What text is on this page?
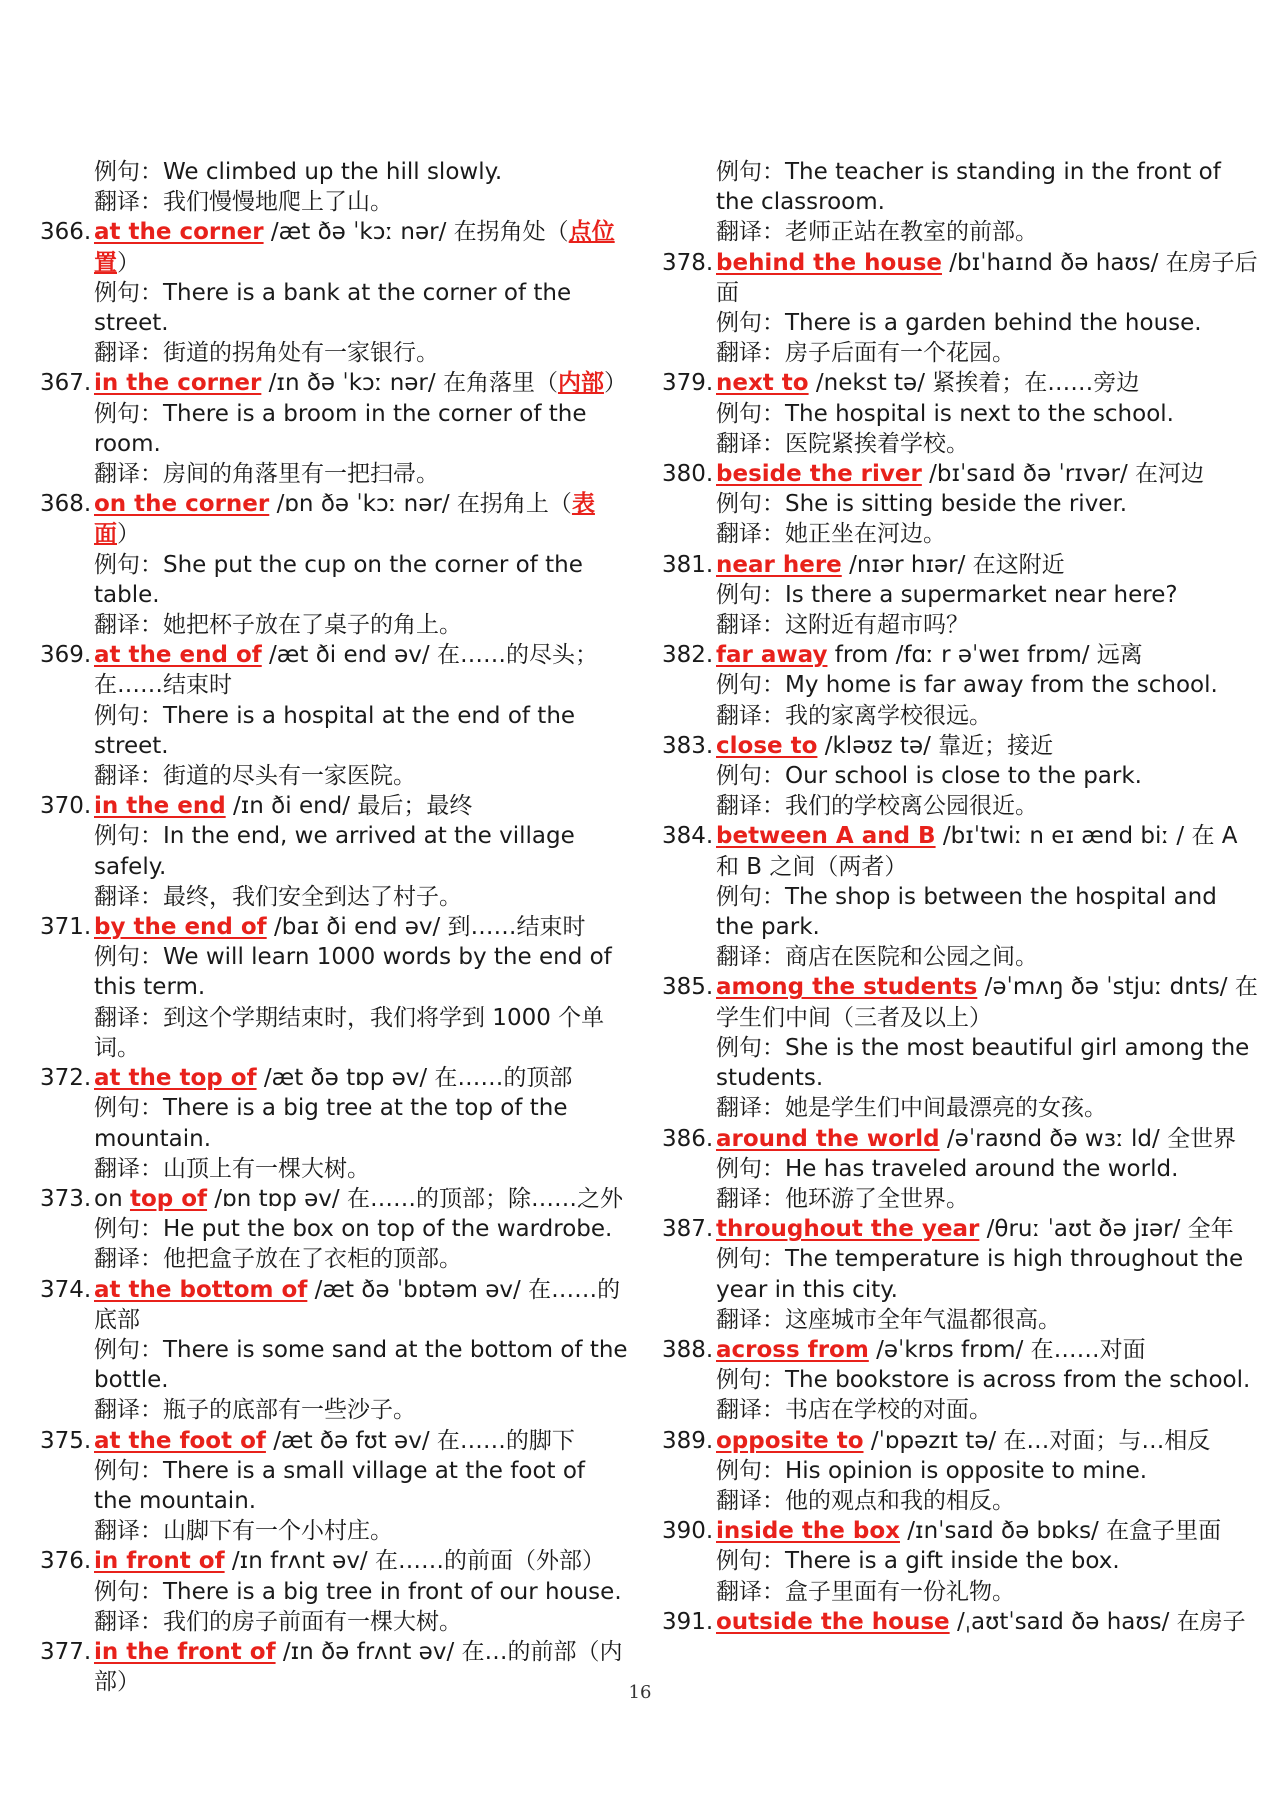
例句：We climbed up the hill slowly.
翻译：我们慢慢地爬上了山。
366. at the corner /æt ðə ˈkɔː nər/ 在拐角处（点位置）
例句：There is a bank at the corner of the street.
翻译：街道的拐角处有一家银行。
367. in the corner /ɪn ðə ˈkɔː nər/ 在角落里（内部）
例句：There is a broom in the corner of the room.
翻译：房间的角落里有一把扫帚。
368. on the corner /ɒn ðə ˈkɔː nər/ 在拐角上（表面）
例句：She put the cup on the corner of the table.
翻译：她把杯子放在了桌子的角上。
369. at the end of /æt ði end əv/ 在……的尽头；在……结束时
例句：There is a hospital at the end of the street.
翻译：街道的尽头有一家医院。
370. in the end /ɪn ði end/ 最后；最终
例句：In the end, we arrived at the village safely.
翻译：最终，我们安全到达了村子。
371. by the end of /baɪ ði end əv/ 到……结束时
例句：We will learn 1000 words by the end of this term.
翻译：到这个学期结束时，我们将学到 1000 个单词。
372. at the top of /æt ðə tɒp əv/ 在……的顶部
例句：There is a big tree at the top of the mountain.
翻译：山顶上有一棵大树。
373. on top of /ɒn tɒp əv/ 在……的顶部；除……之外
例句：He put the box on top of the wardrobe.
翻译：他把盒子放在了衣柜的顶部。
374. at the bottom of /æt ðə ˈbɒtəm əv/ 在……的底部
例句：There is some sand at the bottom of the bottle.
翻译：瓶子的底部有一些沙子。
375. at the foot of /æt ðə fʊt əv/ 在……的脚下
例句：There is a small village at the foot of the mountain.
翻译：山脚下有一个小村庄。
376. in front of /ɪn frʌnt əv/ 在……的前面（外部）
例句：There is a big tree in front of our house.
翻译：我们的房子前面有一棵大树。
377. in the front of /ɪn ðə frʌnt əv/ 在…的前部（内部）
例句：The teacher is standing in the front of the classroom.
翻译：老师正站在教室的前部。
378. behind the house /bɪˈhaɪnd ðə haʊs/ 在房子后面
例句：There is a garden behind the house.
翻译：房子后面有一个花园。
379. next to /nekst tə/ 紧挨着；在……旁边
例句：The hospital is next to the school.
翻译：医院紧挨着学校。
380. beside the river /bɪˈsaɪd ðə ˈrɪvər/ 在河边
例句：She is sitting beside the river.
翻译：她正坐在河边。
381. near here /nɪər hɪər/ 在这附近
例句：Is there a supermarket near here?
翻译：这附近有超市吗？
382. far away from /fɑː r əˈweɪ frɒm/ 远离
例句：My home is far away from the school.
翻译：我的家离学校很远。
383. close to /kləʊz tə/ 靠近；接近
例句：Our school is close to the park.
翻译：我们的学校离公园很近。
384. between A and B /bɪˈtwiː n eɪ ænd biː / 在 A 和 B 之间（两者）
例句：The shop is between the hospital and the park.
翻译：商店在医院和公园之间。
385. among the students /əˈmʌŋ ðə ˈstjuː dnts/ 在学生们中间（三者及以上）
例句：She is the most beautiful girl among the students.
翻译：她是学生们中间最漂亮的女孩。
386. around the world /əˈraʊnd ðə wɜː ld/ 全世界
例句：He has traveled around the world.
翻译：他环游了全世界。
387. throughout the year /θruː ˈaʊt ðə jɪər/ 全年
例句：The temperature is high throughout the year in this city.
翻译：这座城市全年气温都很高。
388. across from /əˈkrɒs frɒm/ 在……对面
例句：The bookstore is across from the school.
翻译：书店在学校的对面。
389. opposite to /ˈɒpəzɪt tə/ 在…对面；与…相反
例句：His opinion is opposite to mine.
翻译：他的观点和我的相反。
390. inside the box /ɪnˈsaɪd ðə bɒks/ 在盒子里面
例句：There is a gift inside the box.
翻译：盒子里面有一份礼物。
391. outside the house /ˌaʊtˈsaɪd ðə haʊs/ 在房子
16
